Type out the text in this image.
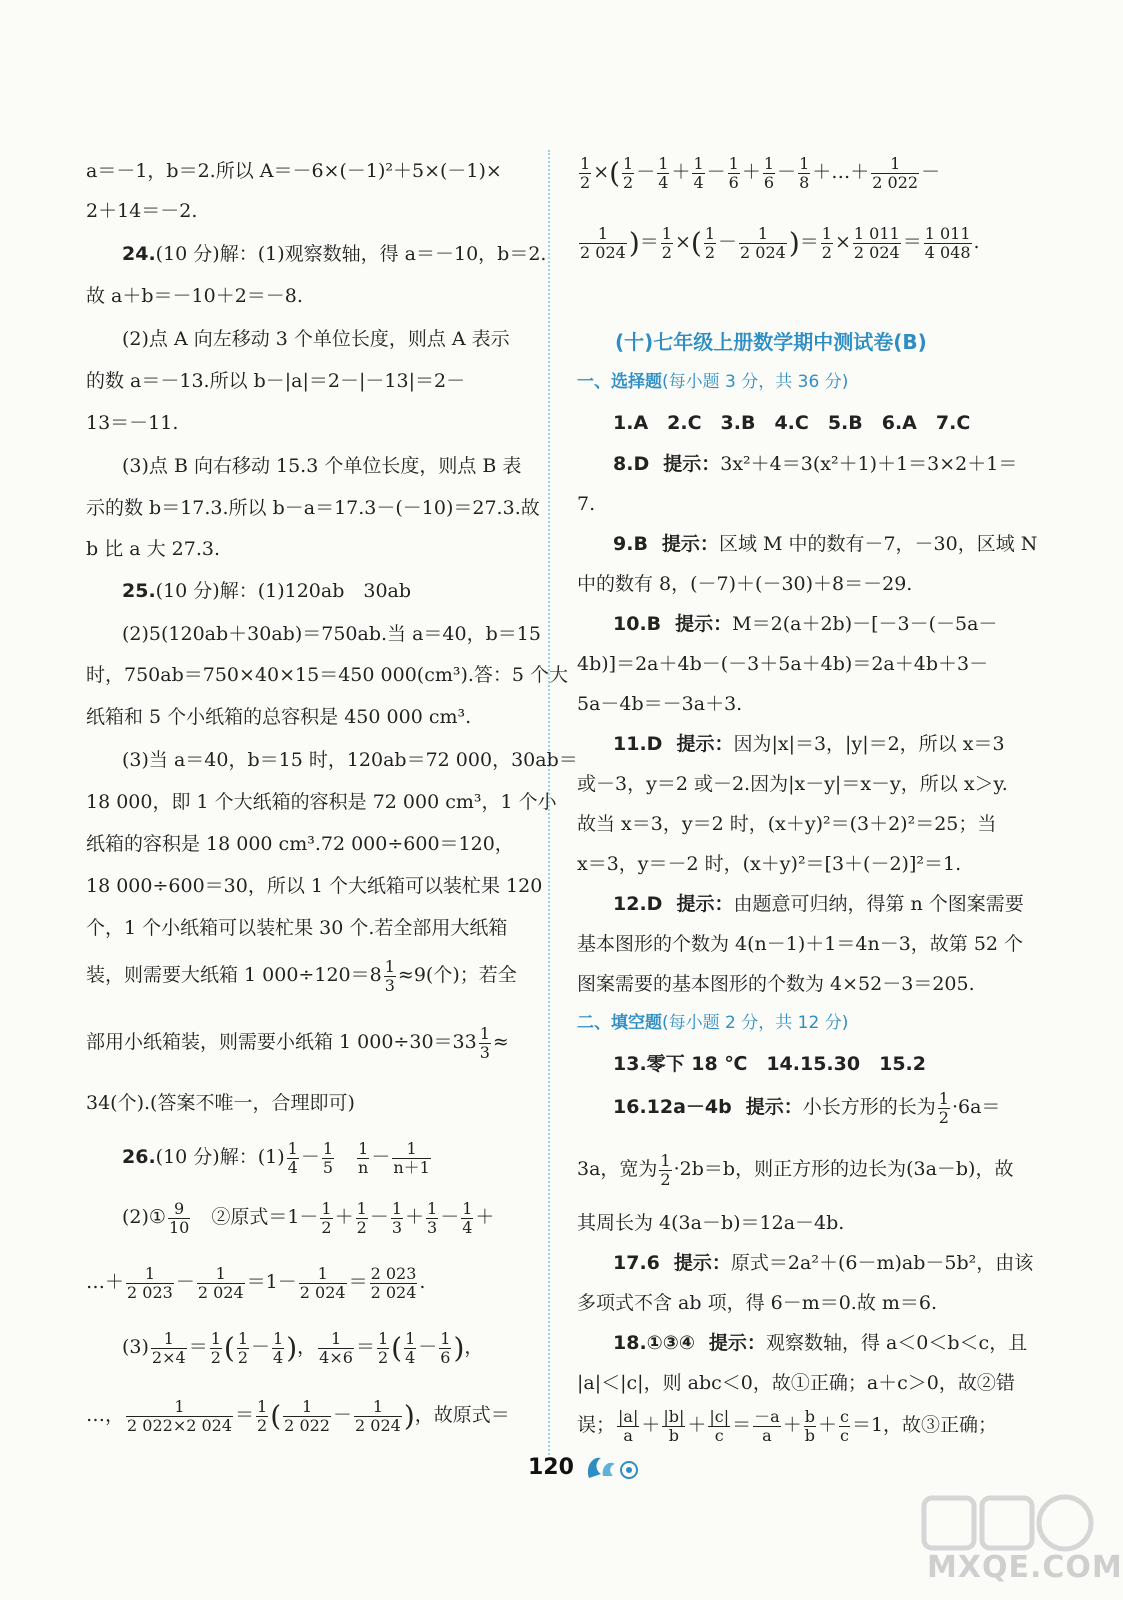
a＝－1，b＝2.所以 A＝－6×(－1)²＋5×(－1)×
2＋14＝－2.
24.(10 分)解：(1)观察数轴，得 a＝－10，b＝2.
故 a＋b＝－10＋2＝－8.
(2)点 A 向左移动 3 个单位长度，则点 A 表示
的数 a＝－13.所以 b－|a|＝2－|－13|＝2－
13＝－11.
(3)点 B 向右移动 15.3 个单位长度，则点 B 表
示的数 b＝17.3.所以 b－a＝17.3－(－10)＝27.3.故
b 比 a 大 27.3.
25.(10 分)解：(1)120ab　30ab
(2)5(120ab＋30ab)＝750ab.当 a＝40，b＝15
时，750ab＝750×40×15＝450 000(cm³).答：5 个大
纸箱和 5 个小纸箱的总容积是 450 000 cm³.
(3)当 a＝40，b＝15 时，120ab＝72 000，30ab＝
18 000，即 1 个大纸箱的容积是 72 000 cm³，1 个小
纸箱的容积是 18 000 cm³.72 000÷600＝120，
18 000÷600＝30，所以 1 个大纸箱可以装杧果 120
个，1 个小纸箱可以装杧果 30 个.若全部用大纸箱
装，则需要大纸箱 1 $000\div 120=8 \frac{1}{3} \approx 9$(个)；若全
部用小纸箱装，则需要小纸箱 1 $000\div 30=33 \frac{1}{3}$ ≈
34(个).(答案不唯一，合理即可)
26.(10 分)解：$(1) \frac{1}{4} - \frac{1}{5}$
　 $\frac{1}{n} - \frac{1}{n+1}$
(2)① $\frac{9}{10}$
　 ②原式$=1- \frac{1}{2} + \frac{1}{2} - \frac{1}{3} + \frac{1}{3} - \frac{1}{4}$ ＋
…＋ $\frac{1}{2 023} - \frac{1}{2 024} =1- \frac{1}{2 024} = \frac{2 023}{2 024}$ .
$(3) \frac{1}{2\times 4} = \frac{1}{2}$ ( $\frac{1}{2} - \frac{1}{4}$ )， $\frac{1}{4\times 6} = \frac{1}{2}$ ( $\frac{1}{4} - \frac{1}{6}$ )，
…， $\frac{1}{2 022\times 2 024} = \frac{1}{2}$ ( $\frac{1}{2 022} - \frac{1}{2 024}$ )，故原式＝
$\frac{1}{2}$ ×( $\frac{1}{2} - \frac{1}{4} + \frac{1}{4} - \frac{1}{6} + \frac{1}{6} - \frac{1}{8}$ ＋…＋ $\frac{1}{2 022}$ －
$\frac{1}{2 024}$ )＝ $\frac{1}{2}$ ×( $\frac{1}{2} - \frac{1}{2 024}$ )＝ $\frac{1}{2} \times \frac{1 011}{2 024} = \frac{1 011}{4 048}$ .
(十)七年级上册数学期中测试卷(B)
一、选择题(每小题 3 分，共 36 分)
1.A　2.C　3.B　4.C　5.B　6.A　7.C
8.D 提示：3x²＋4＝3(x²＋1)＋1＝3×2＋1＝
7.
9.B 提示：区域 M 中的数有－7，－30，区域 N
中的数有 8，(－7)＋(－30)＋8＝－29.
10.B 提示：M＝2(a＋2b)－[－3－(－5a－
4b)]＝2a＋4b－(－3＋5a＋4b)＝2a＋4b＋3－
5a－4b＝－3a＋3.
11.D 提示：因为|x|＝3，|y|＝2，所以 x＝3
或－3，y＝2 或－2.因为|x－y|＝x－y，所以 x＞y.
故当 x＝3，y＝2 时，(x＋y)²＝(3＋2)²＝25；当
x＝3，y＝－2 时，(x＋y)²＝[3＋(－2)]²＝1.
12.D 提示：由题意可归纳，得第 n 个图案需要
基本图形的个数为 4(n－1)＋1＝4n－3，故第 52 个
图案需要的基本图形的个数为 4×52－3＝205.
二、填空题(每小题 2 分，共 12 分)
13.零下 18 ℃　14.15.30　15.2
16.12a－4b 提示：小长方形的长为 $\frac{1}{2} \cdot 6a=$
3a，宽为 $\frac{1}{2} \cdot 2b=b$，则正方形的边长为(3a－b)，故
其周长为 4(3a－b)＝12a－4b.
17.6 提示：原式＝2a²＋(6－m)ab－5b²，由该
多项式不含 ab 项，得 6－m＝0.故 m＝6.
18.①③④ 提示：观察数轴，得 a＜0＜b＜c，且
|a|＜|c|，则 abc＜0，故①正确；a＋c＞0，故②错
误； $\frac{|a|}{a} + \frac{|b|}{b} + \frac{|c|}{c} = \frac{-a}{a} + \frac{b}{b} + \frac{c}{c} =1$，故③正确；
120
MXQE.COM
